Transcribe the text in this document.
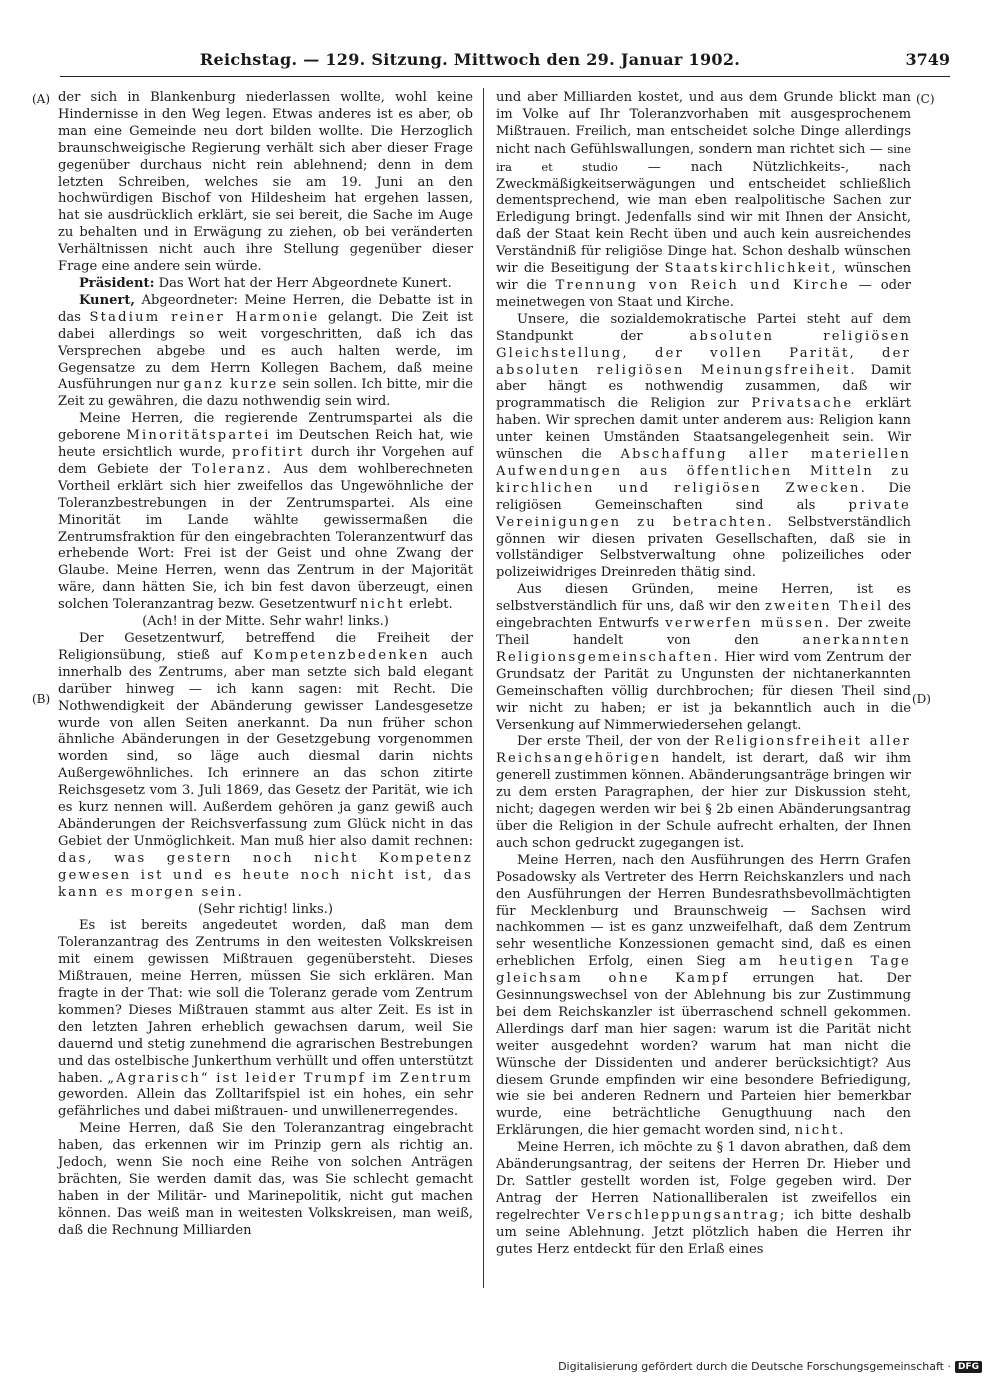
Reichstag. — 129. Sitzung. Mittwoch den 29. Januar 1902.	3749
(A)
(B)
(C)
(D)

der sich in Blankenburg niederlassen wollte, wohl keine Hindernisse in den Weg legen. Etwas anderes ist es aber, ob man eine Gemeinde neu dort bilden wollte. Die Herzoglich braunschweigische Regierung verhält sich aber dieser Frage gegenüber durchaus nicht rein ablehnend; denn in dem letzten Schreiben, welches sie am 19. Juni an den hochwürdigen Bischof von Hildesheim hat ergehen lassen, hat sie ausdrücklich erklärt, sie sei bereit, die Sache im Auge zu behalten und in Erwägung zu ziehen, ob bei veränderten Verhältnissen nicht auch ihre Stellung gegenüber dieser Frage eine andere sein würde.

Präsident: Das Wort hat der Herr Abgeordnete Kunert.

Kunert, Abgeordneter: Meine Herren, die Debatte ist in das Stadium reiner Harmonie gelangt. Die Zeit ist dabei allerdings so weit vorgeschritten, daß ich das Versprechen abgebe und es auch halten werde, im Gegensatze zu dem Herrn Kollegen Bachem, daß meine Ausführungen nur ganz kurze sein sollen. Ich bitte, mir die Zeit zu gewähren, die dazu nothwendig sein wird.

Meine Herren, die regierende Zentrumspartei als die geborene Minoritätspartei im Deutschen Reich hat, wie heute ersichtlich wurde, profitirt durch ihr Vorgehen auf dem Gebiete der Toleranz. Aus dem wohlberechneten Vortheil erklärt sich hier zweifellos das Ungewöhnliche der Toleranzbestrebungen in der Zentrumspartei. Als eine Minorität im Lande wählte gewissermaßen die Zentrumsfraktion für den eingebrachten Toleranzentwurf das erhebende Wort: Frei ist der Geist und ohne Zwang der Glaube. Meine Herren, wenn das Zentrum in der Majorität wäre, dann hätten Sie, ich bin fest davon überzeugt, einen solchen Toleranzantrag bezw. Gesetzentwurf nicht erlebt.

(Ach! in der Mitte. Sehr wahr! links.)

Der Gesetzentwurf, betreffend die Freiheit der Religionsübung, stieß auf Kompetenzbedenken auch innerhalb des Zentrums, aber man setzte sich bald elegant darüber hinweg — ich kann sagen: mit Recht. Die Nothwendigkeit der Abänderung gewisser Landesgesetze wurde von allen Seiten anerkannt. Da nun früher schon ähnliche Abänderungen in der Gesetzgebung vorgenommen worden sind, so läge auch diesmal darin nichts Außergewöhnliches. Ich erinnere an das schon zitirte Reichsgesetz vom 3. Juli 1869, das Gesetz der Parität, wie ich es kurz nennen will. Außerdem gehören ja ganz gewiß auch Abänderungen der Reichsverfassung zum Glück nicht in das Gebiet der Unmöglichkeit. Man muß hier also damit rechnen: das, was gestern noch nicht Kompetenz gewesen ist und es heute noch nicht ist, das kann es morgen sein.

(Sehr richtig! links.)

Es ist bereits angedeutet worden, daß man dem Toleranzantrag des Zentrums in den weitesten Volkskreisen mit einem gewissen Mißtrauen gegenübersteht. Dieses Mißtrauen, meine Herren, müssen Sie sich erklären. Man fragte in der That: wie soll die Toleranz gerade vom Zentrum kommen? Dieses Mißtrauen stammt aus alter Zeit. Es ist in den letzten Jahren erheblich gewachsen darum, weil Sie dauernd und stetig zunehmend die agrarischen Bestrebungen und das ostelbische Junkerthum verhüllt und offen unterstützt haben. „Agrarisch“ ist leider Trumpf im Zentrum geworden. Allein das Zolltarifspiel ist ein hohes, ein sehr gefährliches und dabei mißtrauen- und unwillenerregendes.

Meine Herren, daß Sie den Toleranzantrag eingebracht haben, das erkennen wir im Prinzip gern als richtig an. Jedoch, wenn Sie noch eine Reihe von solchen Anträgen brächten, Sie werden damit das, was Sie schlecht gemacht haben in der Militär- und Marinepolitik, nicht gut machen können. Das weiß man in weitesten Volkskreisen, man weiß, daß die Rechnung Milliarden

und aber Milliarden kostet, und aus dem Grunde blickt man im Volke auf Ihr Toleranzvorhaben mit ausgesprochenem Mißtrauen. Freilich, man entscheidet solche Dinge allerdings nicht nach Gefühlswallungen, sondern man richtet sich — sine ira et studio — nach Nützlichkeits-, nach Zweckmäßigkeitserwägungen und entscheidet schließlich dementsprechend, wie man eben realpolitische Sachen zur Erledigung bringt. Jedenfalls sind wir mit Ihnen der Ansicht, daß der Staat kein Recht üben und auch kein ausreichendes Verständniß für religiöse Dinge hat. Schon deshalb wünschen wir die Beseitigung der Staatskirchlichkeit, wünschen wir die Trennung von Reich und Kirche — oder meinetwegen von Staat und Kirche.

Unsere, die sozialdemokratische Partei steht auf dem Standpunkt der absoluten religiösen Gleichstellung, der vollen Parität, der absoluten religiösen Meinungsfreiheit. Damit aber hängt es nothwendig zusammen, daß wir programmatisch die Religion zur Privatsache erklärt haben. Wir sprechen damit unter anderem aus: Religion kann unter keinen Umständen Staatsangelegenheit sein. Wir wünschen die Abschaffung aller materiellen Aufwendungen aus öffentlichen Mitteln zu kirchlichen und religiösen Zwecken. Die religiösen Gemeinschaften sind als private Vereinigungen zu betrachten. Selbstverständlich gönnen wir diesen privaten Gesellschaften, daß sie in vollständiger Selbstverwaltung ohne polizeiliches oder polizeiwidriges Dreinreden thätig sind.

Aus diesen Gründen, meine Herren, ist es selbstverständlich für uns, daß wir den zweiten Theil des eingebrachten Entwurfs verwerfen müssen. Der zweite Theil handelt von den anerkannten Religionsgemeinschaften. Hier wird vom Zentrum der Grundsatz der Parität zu Ungunsten der nichtanerkannten Gemeinschaften völlig durchbrochen; für diesen Theil sind wir nicht zu haben; er ist ja bekanntlich auch in die Versenkung auf Nimmerwiedersehen gelangt.

Der erste Theil, der von der Religionsfreiheit aller Reichsangehörigen handelt, ist derart, daß wir ihm generell zustimmen können. Abänderungsanträge bringen wir zu dem ersten Paragraphen, der hier zur Diskussion steht, nicht; dagegen werden wir bei § 2b einen Abänderungsantrag über die Religion in der Schule aufrecht erhalten, der Ihnen auch schon gedruckt zugegangen ist.

Meine Herren, nach den Ausführungen des Herrn Grafen Posadowsky als Vertreter des Herrn Reichskanzlers und nach den Ausführungen der Herren Bundesrathsbevollmächtigten für Mecklenburg und Braunschweig — Sachsen wird nachkommen — ist es ganz unzweifelhaft, daß dem Zentrum sehr wesentliche Konzessionen gemacht sind, daß es einen erheblichen Erfolg, einen Sieg am heutigen Tage gleichsam ohne Kampf errungen hat. Der Gesinnungswechsel von der Ablehnung bis zur Zustimmung bei dem Reichskanzler ist überraschend schnell gekommen. Allerdings darf man hier sagen: warum ist die Parität nicht weiter ausgedehnt worden? warum hat man nicht die Wünsche der Dissidenten und anderer berücksichtigt? Aus diesem Grunde empfinden wir eine besondere Befriedigung, wie sie bei anderen Rednern und Parteien hier bemerkbar wurde, eine beträchtliche Genugthuung nach den Erklärungen, die hier gemacht worden sind, nicht.

Meine Herren, ich möchte zu § 1 davon abrathen, daß dem Abänderungsantrag, der seitens der Herren Dr. Hieber und Dr. Sattler gestellt worden ist, Folge gegeben wird. Der Antrag der Herren Nationalliberalen ist zweifellos ein regelrechter Verschleppungsantrag; ich bitte deshalb um seine Ablehnung. Jetzt plötzlich haben die Herren ihr gutes Herz entdeckt für den Erlaß eines

Digitalisierung gefördert durch die Deutsche Forschungsgemeinschaft · DFG
